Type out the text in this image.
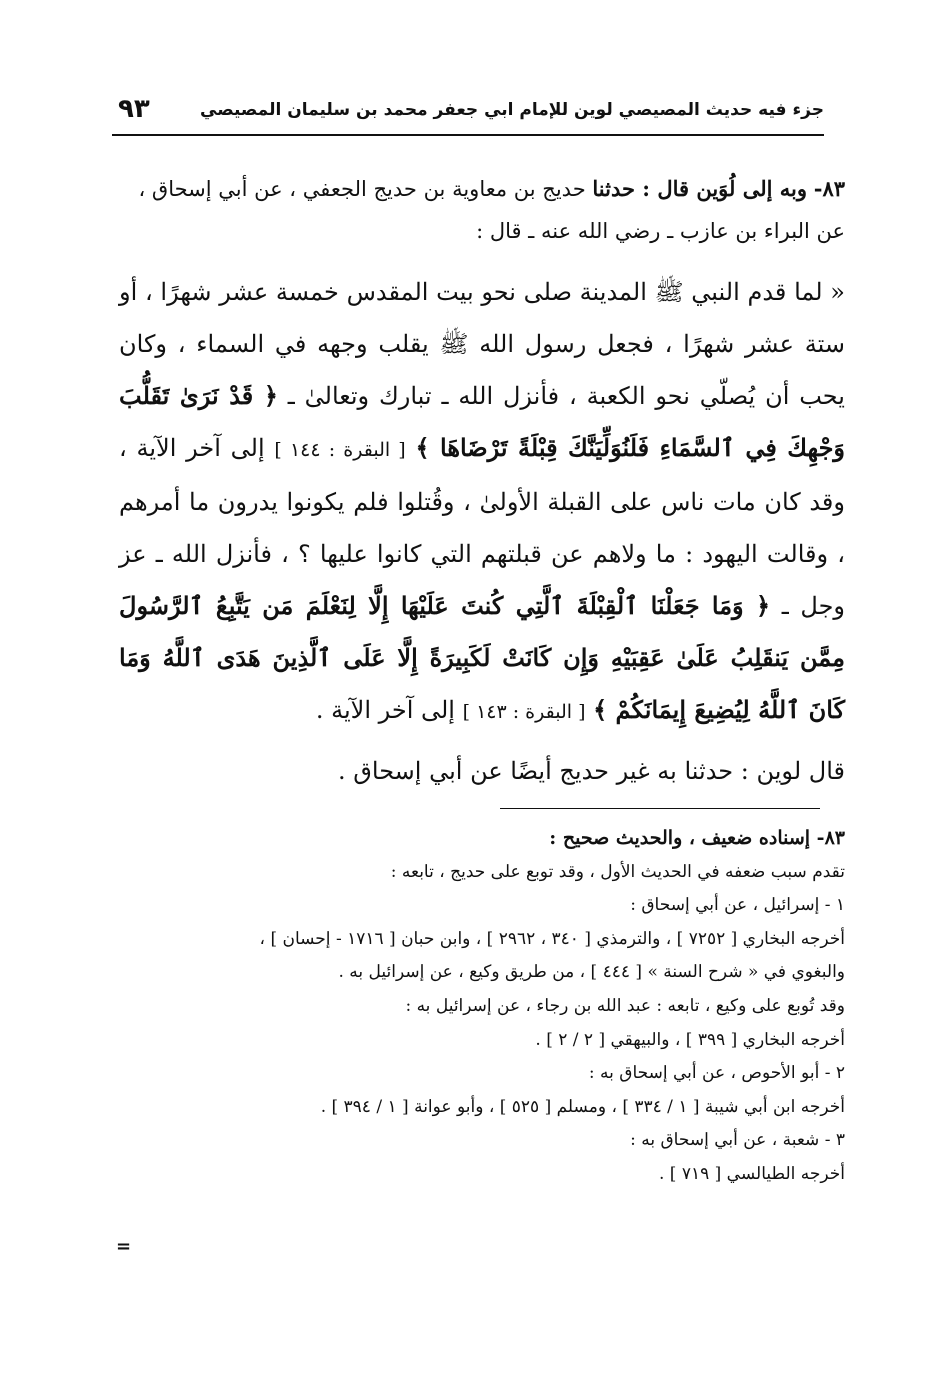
جزء فيه حديث المصيصي لوين للإمام ابي جعفر محمد بن سليمان المصيصي
٩٣
٨٣- وبه إلى لُوَين قال : حدثنا حديج بن معاوية بن حديج الجعفي ، عن أبي إسحاق ،
عن البراء بن عازب ـ رضي الله عنه ـ قال :

« لما قدم النبي ﷺ المدينة صلى نحو بيت المقدس خمسة عشر شهرًا ، أو ستة عشر شهرًا ، فجعل رسول الله ﷺ يقلب وجهه في السماء ، وكان يحب أن يُصلّي نحو الكعبة ، فأنزل الله ـ تبارك وتعالىٰ ـ ﴿ قَدْ نَرَىٰ تَقَلُّبَ وَجْهِكَ فِي ٱلسَّمَاءِ فَلَنُوَلِّيَنَّكَ قِبْلَةً تَرْضَاهَا ﴾ [ البقرة : ١٤٤ ] إلى آخر الآية ، وقد كان مات ناس على القبلة الأولىٰ ، وقُتلوا فلم يكونوا يدرون ما أمرهم ، وقالت اليهود : ما ولاهم عن قبلتهم التي كانوا عليها ؟ ، فأنزل الله ـ عز وجل ـ ﴿ وَمَا جَعَلْنَا ٱلْقِبْلَةَ ٱلَّتِي كُنتَ عَلَيْهَا إِلَّا لِنَعْلَمَ مَن يَتَّبِعُ ٱلرَّسُولَ مِمَّن يَنقَلِبُ عَلَىٰ عَقِبَيْهِ وَإِن كَانَتْ لَكَبِيرَةً إِلَّا عَلَى ٱلَّذِينَ هَدَى ٱللَّهُ وَمَا كَانَ ٱللَّهُ لِيُضِيعَ إِيمَانَكُمْ ﴾ [ البقرة : ١٤٣ ] إلى آخر الآية .

قال لوين : حدثنا به غير حديج أيضًا عن أبي إسحاق .

٨٣- إسناده ضعيف ، والحديث صحيح :

تقدم سبب ضعفه في الحديث الأول ، وقد توبع على حديج ، تابعه :

١ - إسرائيل ، عن أبي إسحاق :

أخرجه البخاري [ ٧٢٥٢ ] ، والترمذي [ ٣٤٠ ، ٢٩٦٢ ] ، وابن حبان [ ١٧١٦ - إحسان ] ،

والبغوي في « شرح السنة » [ ٤٤٤ ] ، من طريق وكيع ، عن إسرائيل به .

وقد تُوبع على وكيع ، تابعه : عبد الله بن رجاء ، عن إسرائيل به :

أخرجه البخاري [ ٣٩٩ ] ، والبيهقي [ ٢ / ٢ ] .

٢ - أبو الأحوص ، عن أبي إسحاق به :

أخرجه ابن أبي شيبة [ ١ / ٣٣٤ ] ، ومسلم [ ٥٢٥ ] ، وأبو عوانة [ ١ / ٣٩٤ ] .

٣ - شعبة ، عن أبي إسحاق به :

أخرجه الطيالسي [ ٧١٩ ] .

=
